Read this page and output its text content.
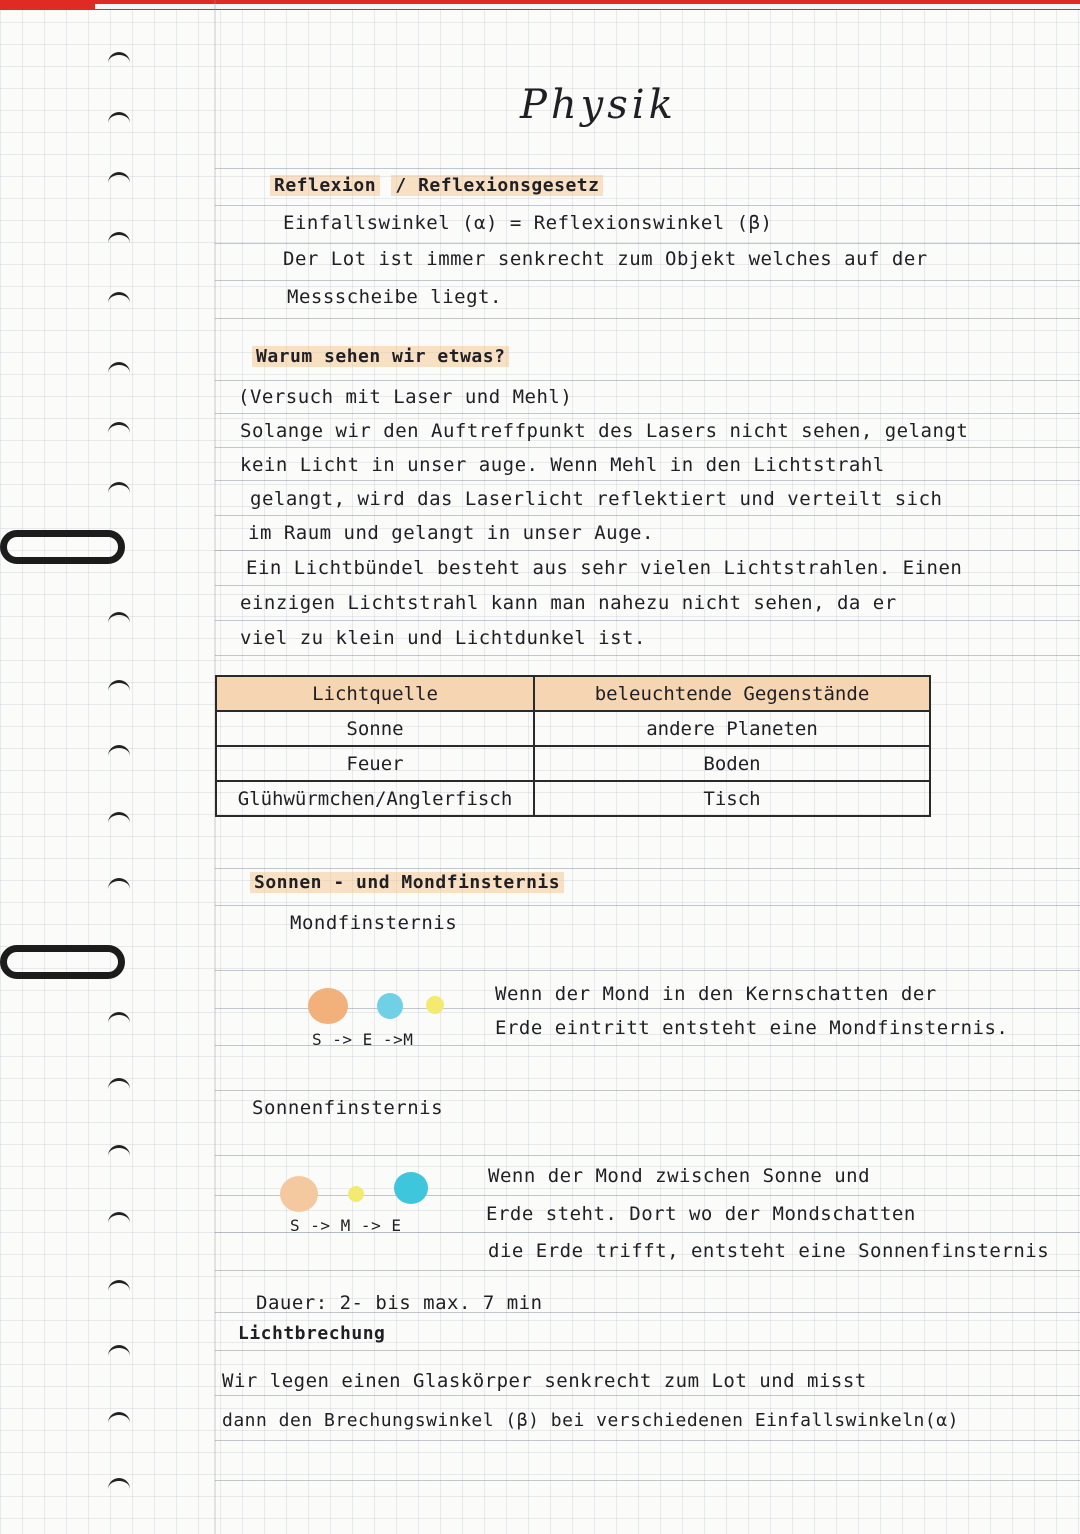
Physik
Reflexion / Reflexionsgesetz
Einfallswinkel (α) = Reflexionswinkel (β)
Der Lot ist immer senkrecht zum Objekt welches auf der
Messscheibe liegt.
Warum sehen wir etwas?
(Versuch mit Laser und Mehl)
Solange wir den Auftreffpunkt des Lasers nicht sehen, gelangt
kein Licht in unser auge. Wenn Mehl in den Lichtstrahl
gelangt, wird das Laserlicht reflektiert und verteilt sich
im Raum und gelangt in unser Auge.
Ein Lichtbündel besteht aus sehr vielen Lichtstrahlen. Einen
einzigen Lichtstrahl kann man nahezu nicht sehen, da er
viel zu klein und Lichtdunkel ist.
Lichtquelle	beleuchtende Gegenstände
Sonne	andere Planeten
Feuer	Boden
Glühwürmchen/Anglerfisch	Tisch
Sonnen - und Mondfinsternis
Mondfinsternis
S -> E ->M
Wenn der Mond in den Kernschatten der
Erde eintritt entsteht eine Mondfinsternis.
Sonnenfinsternis
S -> M -> E
Wenn der Mond zwischen Sonne und
Erde steht. Dort wo der Mondschatten
die Erde trifft, entsteht eine Sonnenfinsternis
Dauer: 2- bis max. 7 min
Lichtbrechung
Wir legen einen Glaskörper senkrecht zum Lot und misst
dann den Brechungswinkel (β) bei verschiedenen Einfallswinkeln(α)
